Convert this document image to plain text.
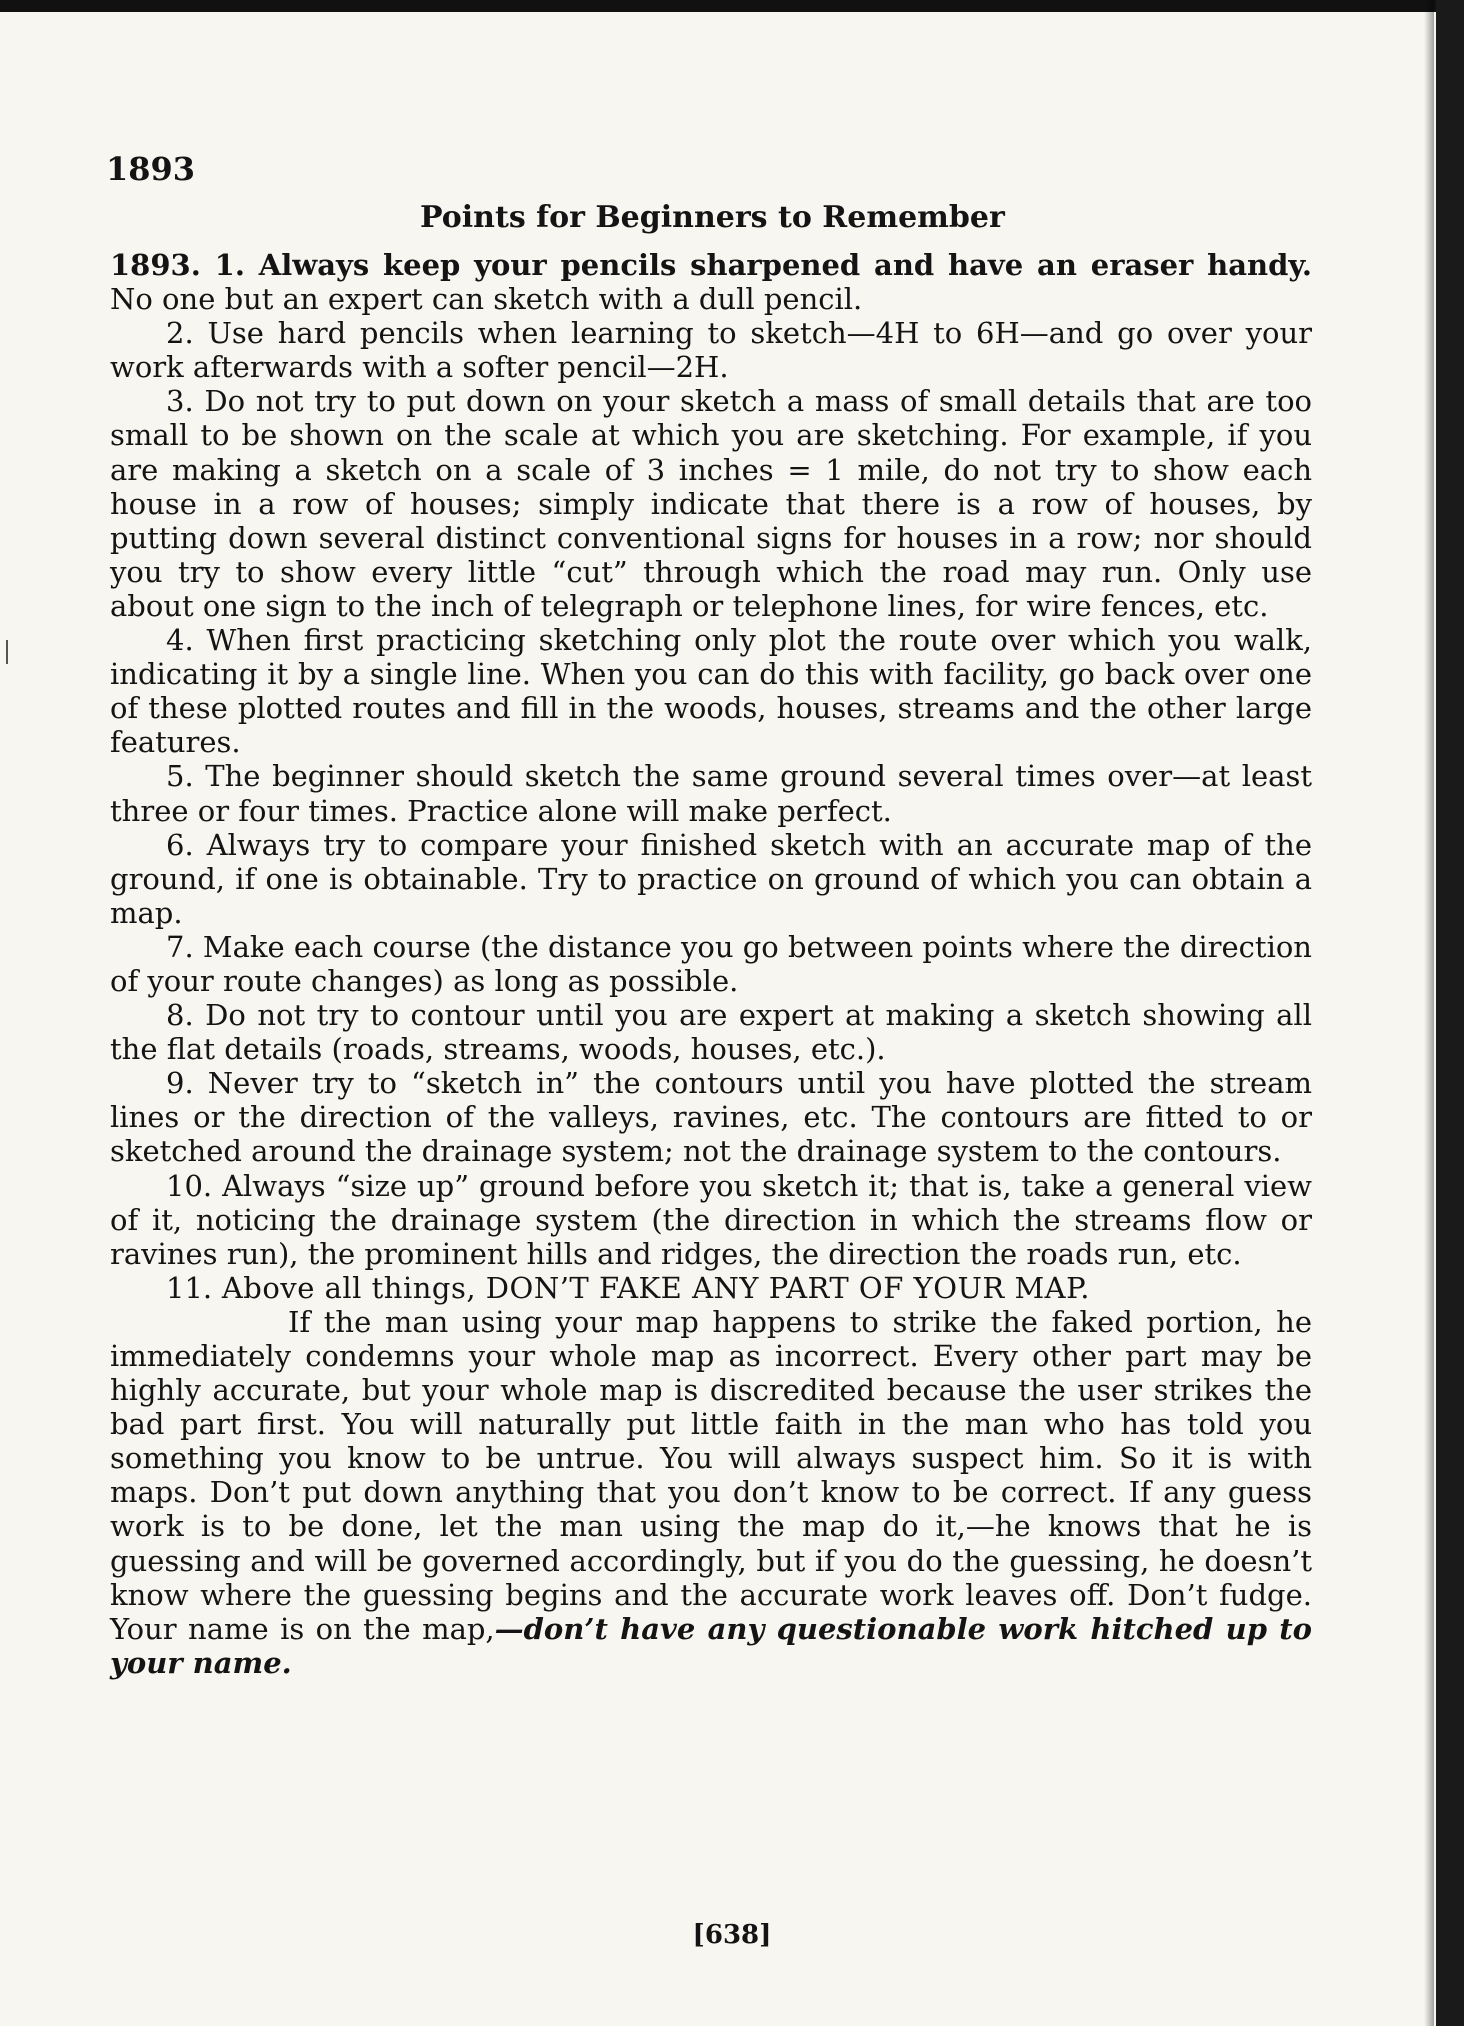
1893
Points for Beginners to Remember

1893. 1. Always keep your pencils sharpened and have an eraser handy. No one but an expert can sketch with a dull pencil.

2. Use hard pencils when learning to sketch—4H to 6H—and go over your work afterwards with a softer pencil—2H.

3. Do not try to put down on your sketch a mass of small details that are too small to be shown on the scale at which you are sketching. For example, if you are making a sketch on a scale of 3 inches = 1 mile, do not try to show each house in a row of houses; simply indicate that there is a row of houses, by putting down several distinct conventional signs for houses in a row; nor should you try to show every little “cut” through which the road may run. Only use about one sign to the inch of telegraph or telephone lines, for wire fences, etc.

4. When first practicing sketching only plot the route over which you walk, indicating it by a single line. When you can do this with facility, go back over one of these plotted routes and fill in the woods, houses, streams and the other large features.

5. The beginner should sketch the same ground several times over—at least three or four times. Practice alone will make perfect.

6. Always try to compare your finished sketch with an accurate map of the ground, if one is obtainable. Try to practice on ground of which you can obtain a map.

7. Make each course (the distance you go between points where the direction of your route changes) as long as possible.

8. Do not try to contour until you are expert at making a sketch showing all the flat details (roads, streams, woods, houses, etc.).

9. Never try to “sketch in” the contours until you have plotted the stream lines or the direction of the valleys, ravines, etc. The contours are fitted to or sketched around the drainage system; not the drainage system to the contours.

10. Always “size up” ground before you sketch it; that is, take a general view of it, noticing the drainage system (the direction in which the streams flow or ravines run), the prominent hills and ridges, the direction the roads run, etc.

11. Above all things, DON’T FAKE ANY PART OF YOUR MAP.

If the man using your map happens to strike the faked portion, he immediately condemns your whole map as incorrect. Every other part may be highly accurate, but your whole map is discredited because the user strikes the bad part first. You will naturally put little faith in the man who has told you something you know to be untrue. You will always suspect him. So it is with maps. Don’t put down anything that you don’t know to be correct. If any guess work is to be done, let the man using the map do it,—he knows that he is guessing and will be governed accordingly, but if you do the guessing, he doesn’t know where the guessing begins and the accurate work leaves off. Don’t fudge. Your name is on the map,—don’t have any questionable work hitched up to your name.

[638]
